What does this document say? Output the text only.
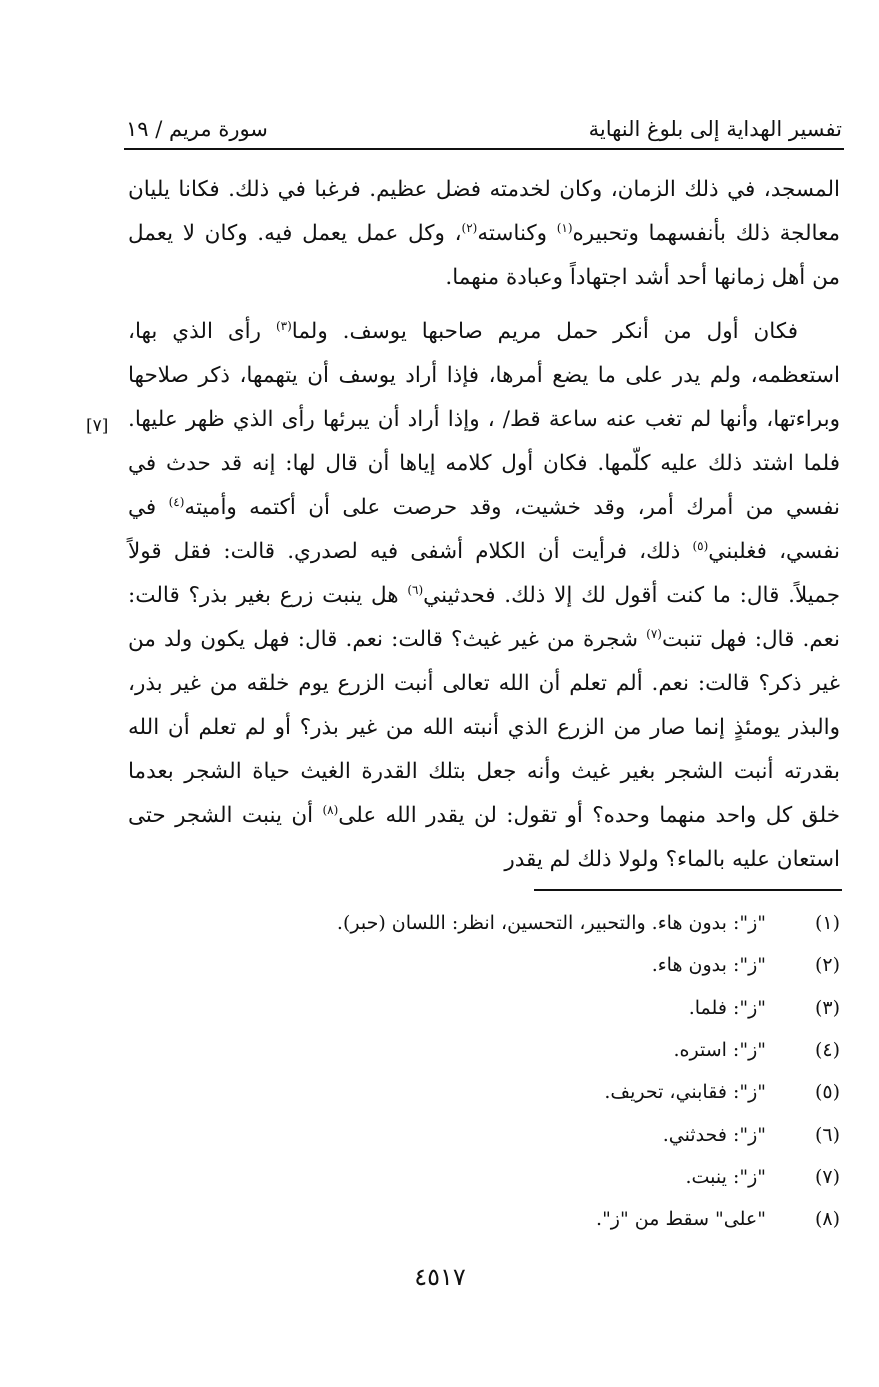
تفسير الهداية إلى بلوغ النهاية
سورة مريم / ١٩
[٧]

المسجد، في ذلك الزمان، وكان لخدمته فضل عظيم. فرغبا في ذلك. فكانا يليان معالجة ذلك بأنفسهما وتحبيره$^{(١)}$ وكناسته$^{(٢)}$، وكل عمل يعمل فيه. وكان لا يعمل من أهل زمانها أحد أشد اجتهاداً وعبادة منهما.

فكان أول من أنكر حمل مريم صاحبها يوسف. ولما$^{(٣)}$ رأى الذي بها، استعظمه، ولم يدر على ما يضع أمرها، فإذا أراد يوسف أن يتهمها، ذكر صلاحها وبراءتها، وأنها لم تغب عنه ساعة قط/ ، وإذا أراد أن يبرئها رأى الذي ظهر عليها. فلما اشتد ذلك عليه كلّمها. فكان أول كلامه إياها أن قال لها: إنه قد حدث في نفسي من أمرك أمر، وقد خشيت، وقد حرصت على أن أكتمه وأميته$^{(٤)}$ في نفسي، فغلبني$^{(٥)}$ ذلك، فرأيت أن الكلام أشفى فيه لصدري. قالت: فقل قولاً جميلاً. قال: ما كنت أقول لك إلا ذلك. فحدثيني$^{(٦)}$ هل ينبت زرع بغير بذر؟ قالت: نعم. قال: فهل تنبت$^{(٧)}$ شجرة من غير غيث؟ قالت: نعم. قال: فهل يكون ولد من غير ذكر؟ قالت: نعم. ألم تعلم أن الله تعالى أنبت الزرع يوم خلقه من غير بذر، والبذر يومئذٍ إنما صار من الزرع الذي أنبته الله من غير بذر؟ أو لم تعلم أن الله بقدرته أنبت الشجر بغير غيث وأنه جعل بتلك القدرة الغيث حياة الشجر بعدما خلق كل واحد منهما وحده؟ أو تقول: لن يقدر الله على$^{(٨)}$ أن ينبت الشجر حتى استعان عليه بالماء؟ ولولا ذلك لم يقدر

(١)
"ز": بدون هاء. والتحبير، التحسين، انظر: اللسان (حبر).
(٢)
"ز": بدون هاء.
(٣)
"ز": فلما.
(٤)
"ز": استره.
(٥)
"ز": فقابني، تحريف.
(٦)
"ز": فحدثني.
(٧)
"ز": ينبت.
(٨)
"على" سقط من "ز".
٤٥١٧
